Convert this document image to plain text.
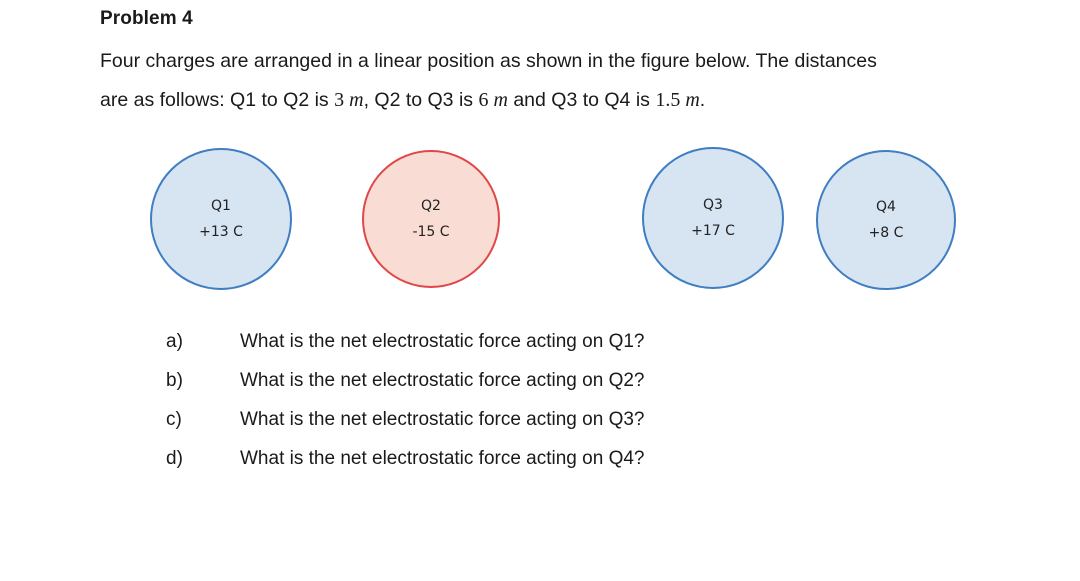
Problem 4
Four charges are arranged in a linear position as shown in the figure below. The distances
are as follows: Q1 to Q2 is 3 m, Q2 to Q3 is 6 m and Q3 to Q4 is 1.5 m.
Q1
+13 C
Q2
-15 C
Q3
+17 C
Q4
+8 C
a)	What is the net electrostatic force acting on Q1?
b)	What is the net electrostatic force acting on Q2?
c)	What is the net electrostatic force acting on Q3?
d)	What is the net electrostatic force acting on Q4?
